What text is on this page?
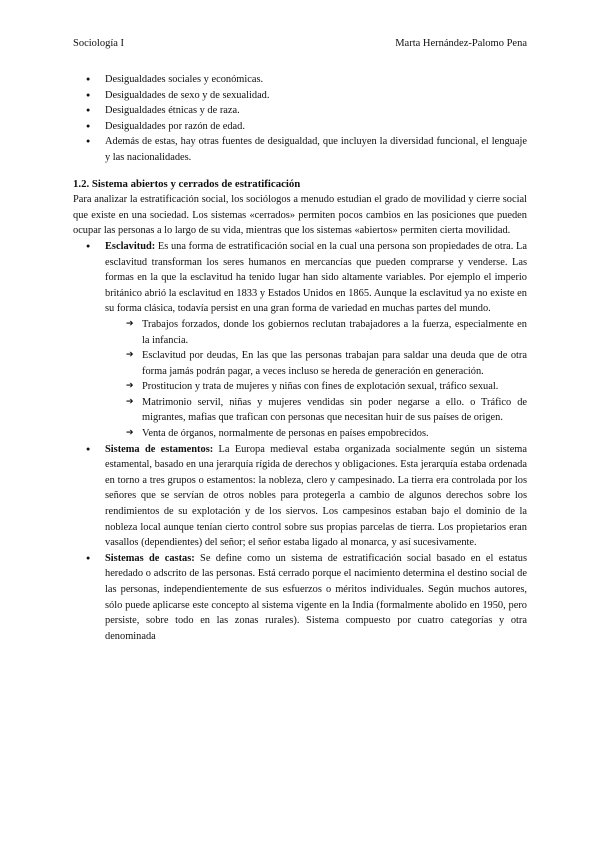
Sociología I	Marta Hernández-Palomo Pena
● Desigualdades sociales y económicas.
● Desigualdades de sexo y de sexualidad.
● Desigualdades étnicas y de raza.
● Desigualdades por razón de edad.
● Además de estas, hay otras fuentes de desigualdad, que incluyen la diversidad funcional, el lenguaje y las nacionalidades.
1.2. Sistema abiertos y cerrados de estratificación

Para analizar la estratificación social, los sociólogos a menudo estudian el grado de movilidad y cierre social que existe en una sociedad. Los sistemas «cerrados» permiten pocos cambios en las posiciones que pueden ocupar las personas a lo largo de su vida, mientras que los sistemas «abiertos» permiten cierta movilidad.

● Esclavitud: Es una forma de estratificación social en la cual una persona son propiedades de otra. La esclavitud transforman los seres humanos en mercancías que pueden comprarse y venderse. Las formas en la que la esclavitud ha tenido lugar han sido altamente variables. Por ejemplo el imperio británico abrió la esclavitud en 1833 y Estados Unidos en 1865. Aunque la esclavitud ya no existe en su forma clásica, todavía persist en una gran forma de variedad en muchas partes del mundo.
➔ Trabajos forzados, donde los gobiernos reclutan trabajadores a la fuerza, especialmente en la infancia.
➔ Esclavitud por deudas, En las que las personas trabajan para saldar una deuda que de otra forma jamás podrán pagar, a veces incluso se hereda de generación en generación.
➔ Prostitucion y trata de mujeres y niñas con fines de explotación sexual, tráfico sexual.
➔ Matrimonio servil, niñas y mujeres vendidas sin poder negarse a ello. o Tráfico de migrantes, mafias que trafican con personas que necesitan huir de sus países de origen.
➔ Venta de órganos, normalmente de personas en países empobrecidos.
● Sistema de estamentos: La Europa medieval estaba organizada socialmente según un sistema estamental, basado en una jerarquía rígida de derechos y obligaciones. Esta jerarquía estaba ordenada en torno a tres grupos o estamentos: la nobleza, clero y campesinado. La tierra era controlada por los señores que se servían de otros nobles para protegerla a cambio de algunos derechos sobre los rendimientos de su explotación y de los siervos. Los campesinos estaban bajo el dominio de la nobleza local aunque tenían cierto control sobre sus propias parcelas de tierra. Los propietarios eran vasallos (dependientes) del señor; el señor estaba ligado al monarca, y así sucesivamente.
● Sistemas de castas: Se define como un sistema de estratificación social basado en el estatus heredado o adscrito de las personas. Está cerrado porque el nacimiento determina el destino social de las personas, independientemente de sus esfuerzos o méritos individuales. Según muchos autores, sólo puede aplicarse este concepto al sistema vigente en la India (formalmente abolido en 1950, pero persiste, sobre todo en las zonas rurales). Sistema compuesto por cuatro categorías y otra denominada
